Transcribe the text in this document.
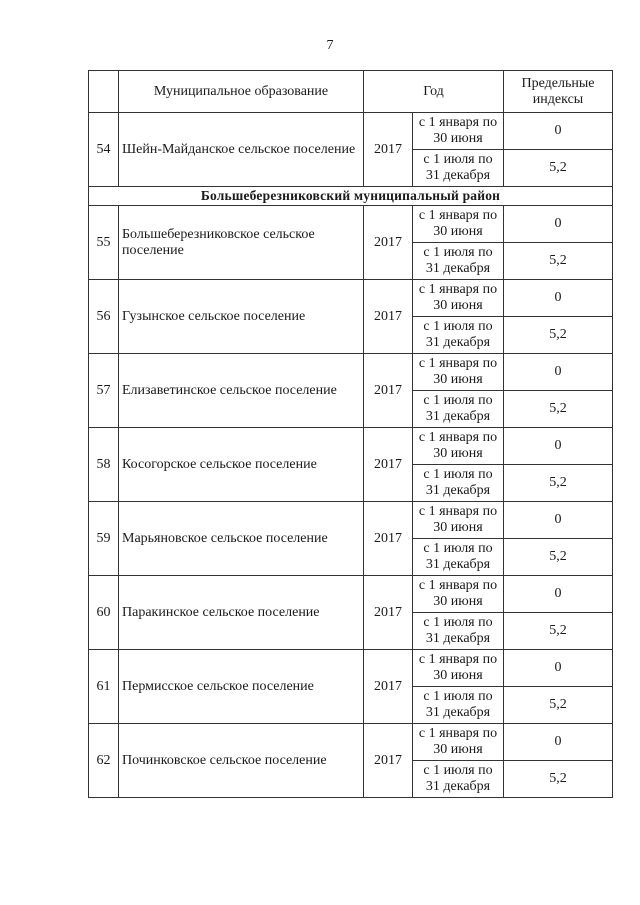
7
	Муниципальное образование	Год		Предельные индексы
54	Шейн-Майданское сельское поселение	2017	с 1 января по 30 июня	0
			с 1 июля по 31 декабря	5,2
Большеберезниковский муниципальный район				
55	Большеберезниковское сельское поселение	2017	с 1 января по 30 июня	0
			с 1 июля по 31 декабря	5,2
56	Гузынское сельское поселение	2017	с 1 января по 30 июня	0
			с 1 июля по 31 декабря	5,2
57	Елизаветинское сельское поселение	2017	с 1 января по 30 июня	0
			с 1 июля по 31 декабря	5,2
58	Косогорское сельское поселение	2017	с 1 января по 30 июня	0
			с 1 июля по 31 декабря	5,2
59	Марьяновское сельское поселение	2017	с 1 января по 30 июня	0
			с 1 июля по 31 декабря	5,2
60	Паракинское сельское поселение	2017	с 1 января по 30 июня	0
			с 1 июля по 31 декабря	5,2
61	Пермисское сельское поселение	2017	с 1 января по 30 июня	0
			с 1 июля по 31 декабря	5,2
62	Починковское сельское поселение	2017	с 1 января по 30 июня	0
			с 1 июля по 31 декабря	5,2
